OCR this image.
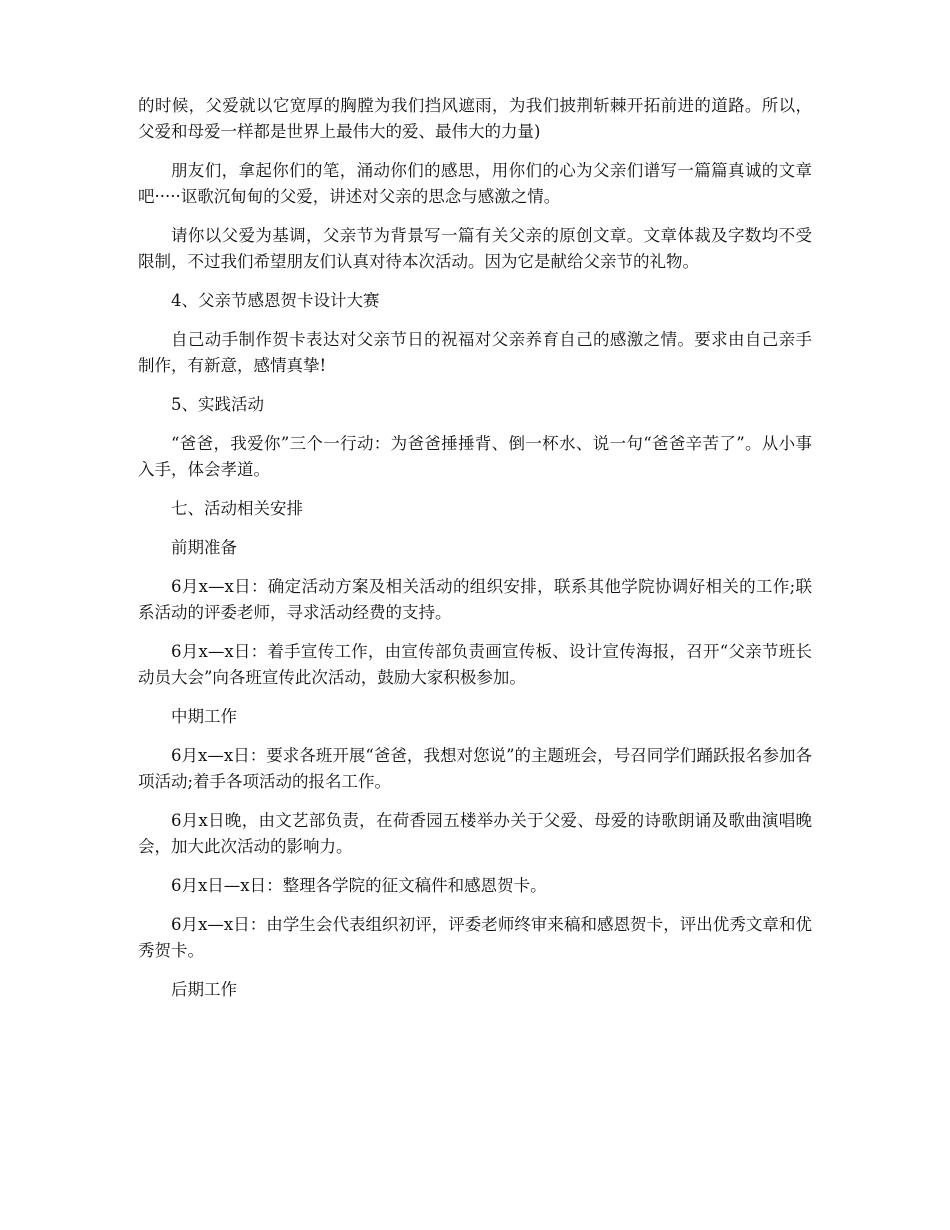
的时候，父爱就以它宽厚的胸膛为我们挡风遮雨，为我们披荆斩棘开拓前进的道路。所以，父爱和母爱一样都是世界上最伟大的爱、最伟大的力量)

朋友们，拿起你们的笔，涌动你们的感思，用你们的心为父亲们谱写一篇篇真诚的文章吧·····讴歌沉甸甸的父爱，讲述对父亲的思念与感激之情。

请你以父爱为基调，父亲节为背景写一篇有关父亲的原创文章。文章体裁及字数均不受限制，不过我们希望朋友们认真对待本次活动。因为它是献给父亲节的礼物。

4、父亲节感恩贺卡设计大赛

自己动手制作贺卡表达对父亲节日的祝福对父亲养育自己的感激之情。要求由自己亲手制作，有新意，感情真挚!

5、实践活动

“爸爸，我爱你”三个一行动：为爸爸捶捶背、倒一杯水、说一句“爸爸辛苦了”。从小事入手，体会孝道。

七、活动相关安排

前期准备

6月x—x日：确定活动方案及相关活动的组织安排，联系其他学院协调好相关的工作;联系活动的评委老师，寻求活动经费的支持。

6月x—x日：着手宣传工作，由宣传部负责画宣传板、设计宣传海报，召开“父亲节班长动员大会”向各班宣传此次活动，鼓励大家积极参加。

中期工作

6月x—x日：要求各班开展“爸爸，我想对您说”的主题班会，号召同学们踊跃报名参加各项活动;着手各项活动的报名工作。

6月x日晚，由文艺部负责，在荷香园五楼举办关于父爱、母爱的诗歌朗诵及歌曲演唱晚会，加大此次活动的影响力。

6月x日—x日：整理各学院的征文稿件和感恩贺卡。

6月x—x日：由学生会代表组织初评，评委老师终审来稿和感恩贺卡，评出优秀文章和优秀贺卡。

后期工作
